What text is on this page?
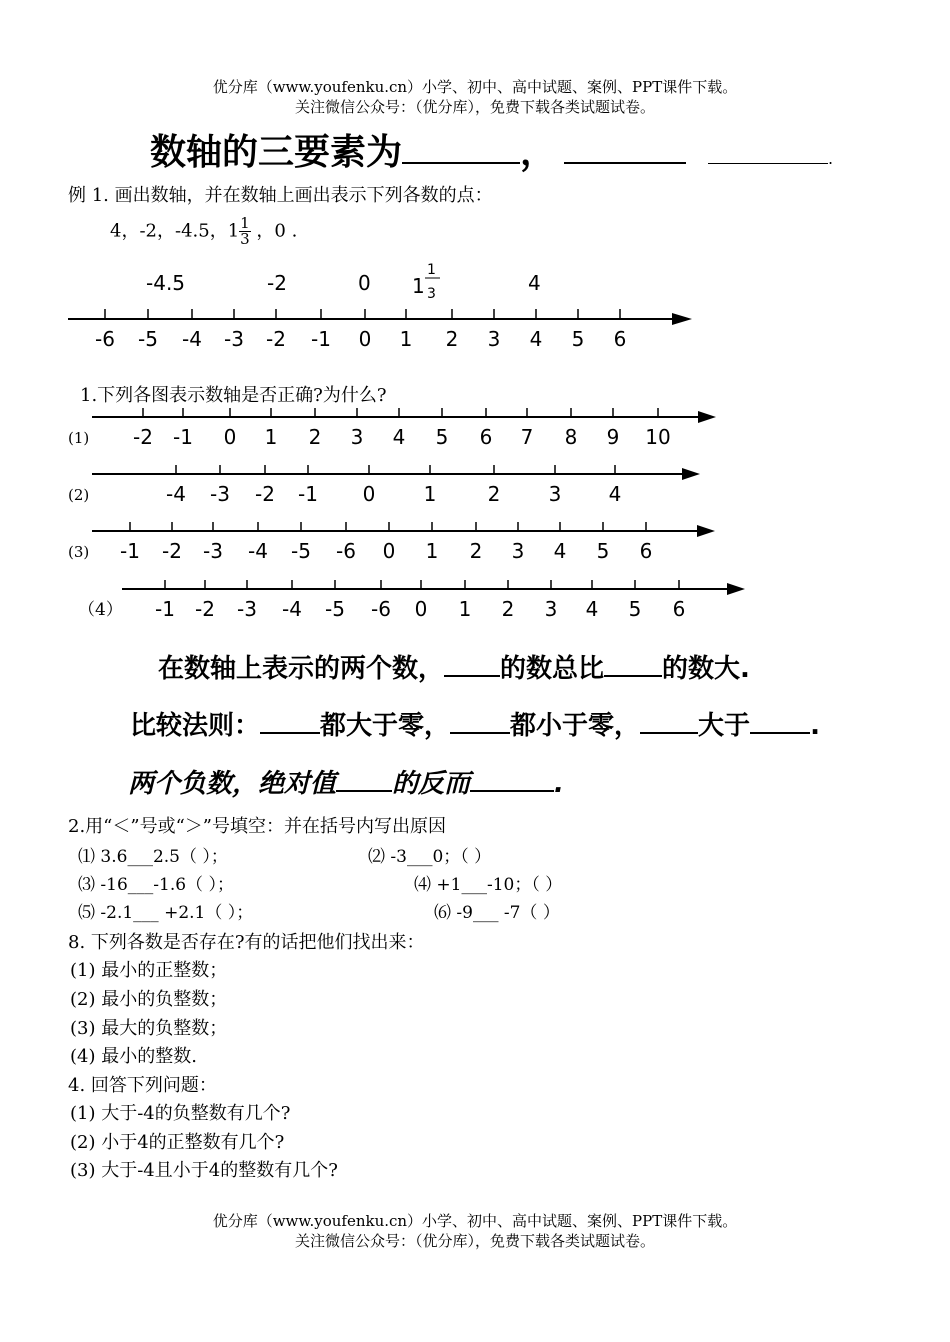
优分库（www.youfenku.cn）小学、初中、高中试题、案例、PPT课件下载。
关注微信公众号：（优分库），免费下载各类试题试卷。
数轴的三要素为	，	.
例 1. 画出数轴，并在数轴上画出表示下列各数的点：
4，-2，-4.5，$1 \frac{1}{3}$ ，0 .
-4.5	-2	0 1
1
3	4
-6 -5 -4 -3 -2 -1 0 1 2 3 4 5 6
1.下列各图表示数轴是否正确?为什么?
(1) -2 -1 0 1 2 3 4 5 6 7 8 9 10
(2)	-4 -3 -2 -1 0 1	2 3 4
(3) -1 -2 -3 -4 -5 -6 0 1 2 3 4 5 6
（4） -1 -2 -3 -4 -5 -6 0 1 2 3 4 5 6
在数轴上表示的两个数， 的数总比 的数大.
比较法则： 都大于零， 都小于零， 大于 .
两个负数，绝对值 的反而	.
2.用“＜”号或“＞”号填空：并在括号内写出原因
⑴ 3.6___2.5（ ）；	⑵ -3___0；（ ）
⑶ -16___-1.6（ ）；	⑷ +1___-10；（ ）
⑸ -2.1___ +2.1（ ）；	⑹ -9___ -7（ ）
8. 下列各数是否存在?有的话把他们找出来：
(1) 最小的正整数；
(2) 最小的负整数；
(3) 最大的负整数；
(4) 最小的整数.
4. 回答下列问题：
(1) 大于-4的负整数有几个?
(2) 小于4的正整数有几个?
(3) 大于-4且小于4的整数有几个?
优分库（www.youfenku.cn）小学、初中、高中试题、案例、PPT课件下载。
关注微信公众号：（优分库），免费下载各类试题试卷。
